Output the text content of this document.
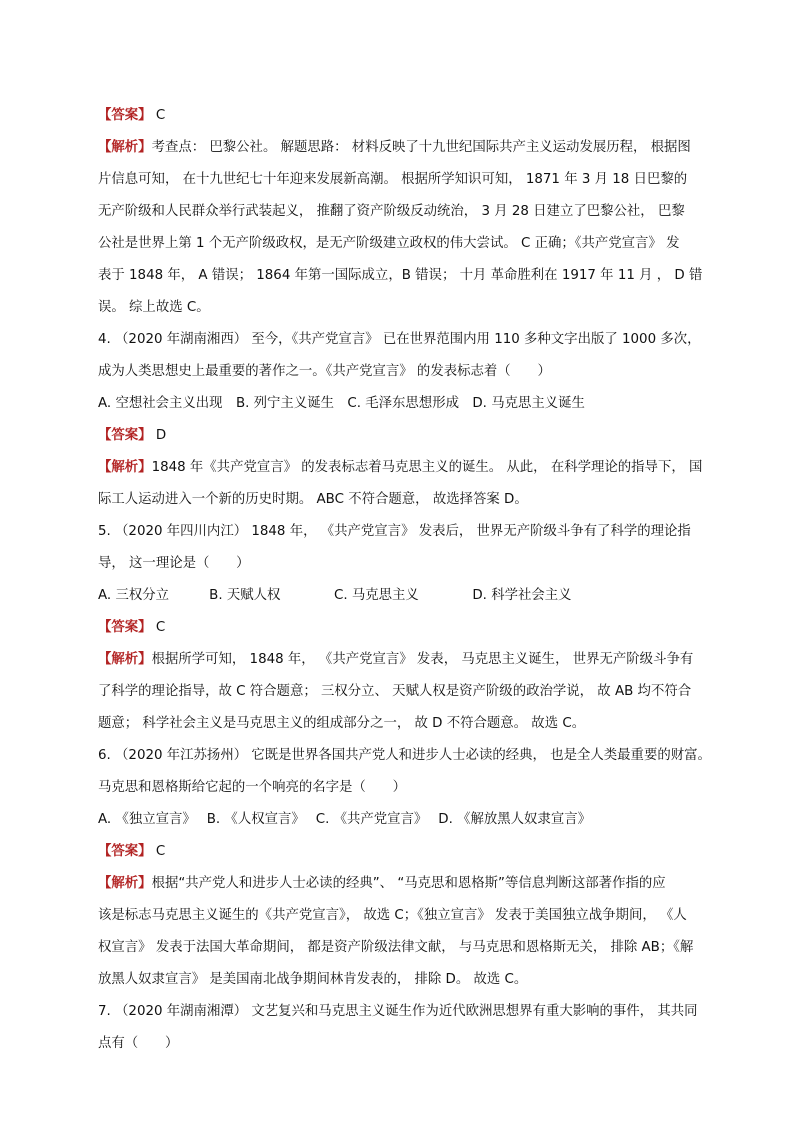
【答案】 C
【解析】考查点： 巴黎公社。 解题思路： 材料反映了十九世纪国际共产主义运动发展历程， 根据图
片信息可知， 在十九世纪七十年迎来发展新高潮。 根据所学知识可知， 1871 年 3 月 18 日巴黎的
无产阶级和人民群众举行武装起义， 推翻了资产阶级反动统治， 3 月 28 日建立了巴黎公社， 巴黎
公社是世界上第 1 个无产阶级政权，是无产阶级建立政权的伟大尝试。 C 正确；《共产党宣言》 发
表于 1848 年， A 错误； 1864 年第一国际成立，B 错误； 十月 革命胜利在 1917 年 11 月 ， D 错
误。 综上故选 C。
4. （2020 年湖南湘西） 至今，《共产党宣言》 已在世界范围内用 110 多种文字出版了 1000 多次，
成为人类思想史上最重要的著作之一。《共产党宣言》 的发表标志着（　　）
A. 空想社会主义出现　B. 列宁主义诞生　C. 毛泽东思想形成　D. 马克思主义诞生
【答案】 D
【解析】1848 年《共产党宣言》 的发表标志着马克思主义的诞生。 从此， 在科学理论的指导下， 国
际工人运动进入一个新的历史时期。 ABC 不符合题意， 故选择答案 D。
5. （2020 年四川内江） 1848 年， 《共产党宣言》 发表后， 世界无产阶级斗争有了科学的理论指
导， 这一理论是（　　）
A. 三权分立　　　B. 天赋人权　　　　C. 马克思主义　　　　D. 科学社会主义
【答案】 C
【解析】根据所学可知， 1848 年， 《共产党宣言》 发表， 马克思主义诞生， 世界无产阶级斗争有
了科学的理论指导，故 C 符合题意； 三权分立、 天赋人权是资产阶级的政治学说， 故 AB 均不符合
题意； 科学社会主义是马克思主义的组成部分之一， 故 D 不符合题意。 故选 C。
6. （2020 年江苏扬州） 它既是世界各国共产党人和进步人士必读的经典， 也是全人类最重要的财富。
马克思和恩格斯给它起的一个响亮的名字是（　　）
A. 《独立宣言》　 B. 《人权宣言》　 C. 《共产党宣言》　 D. 《解放黑人奴隶宣言》
【答案】 C
【解析】根据“共产党人和进步人士必读的经典”、 “马克思和恩格斯”等信息判断这部著作指的应
该是标志马克思主义诞生的《共产党宣言》， 故选 C；《独立宣言》 发表于美国独立战争期间， 《人
权宣言》 发表于法国大革命期间， 都是资产阶级法律文献， 与马克思和恩格斯无关， 排除 AB；《解
放黑人奴隶宣言》 是美国南北战争期间林肯发表的， 排除 D。 故选 C。
7. （2020 年湖南湘潭） 文艺复兴和马克思主义诞生作为近代欧洲思想界有重大影响的事件， 其共同
点有（　　）
